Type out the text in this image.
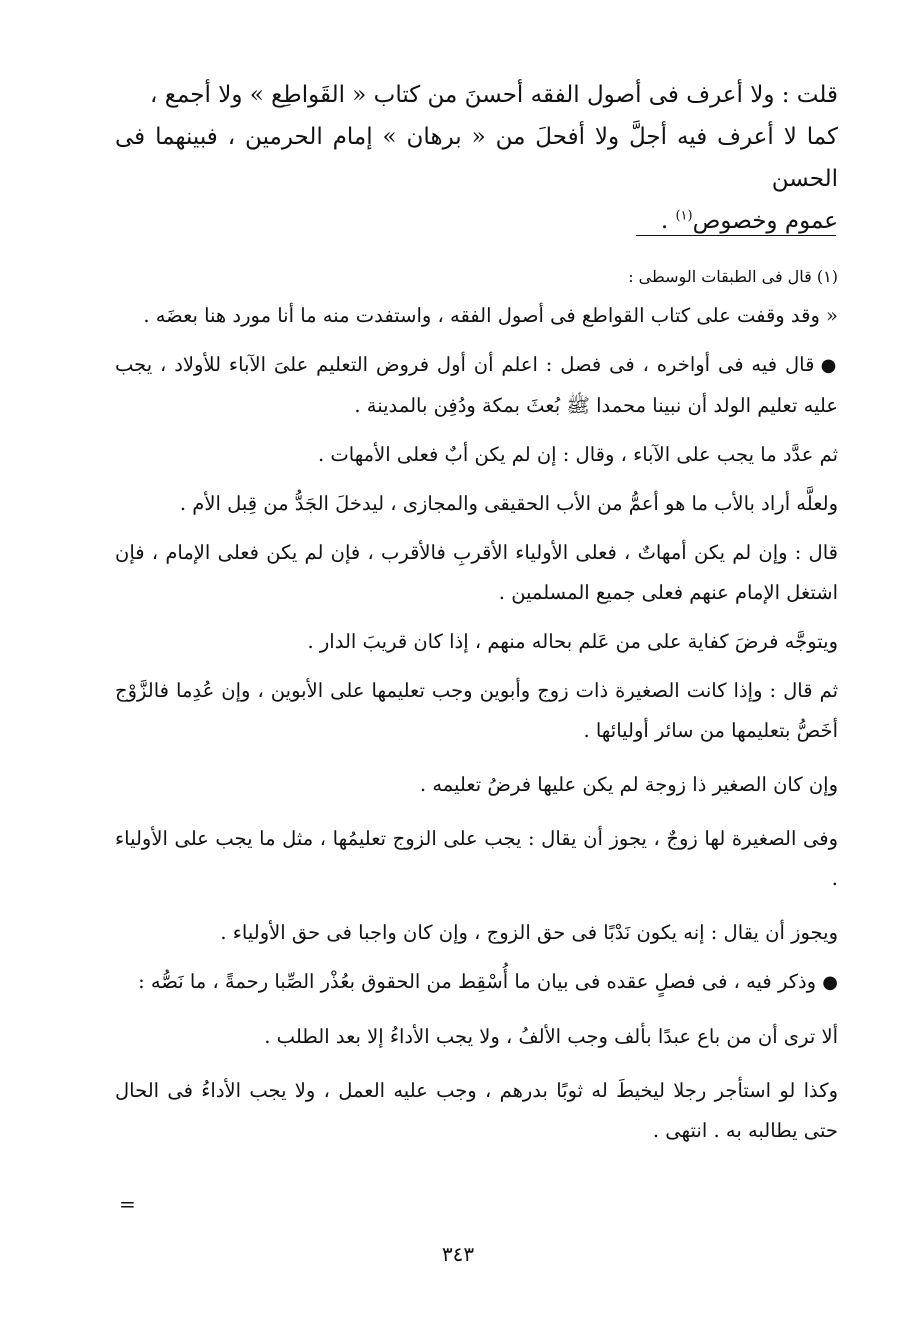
قلت : ولا أعرف فى أصول الفقه أحسنَ من كتاب « القَواطِع » ولا أجمع ،

كما لا أعرف فيه أجلَّ ولا أفحلَ من « برهان » إمام الحرمين ، فبينهما فى الحسن

عموم وخصوص$^{(١)}$ .

(١) قال فى الطبقات الوسطى :

« وقد وقفت على كتاب القواطع فى أصول الفقه ، واستفدت منه ما أنا مورد هنا بعضَه .

● قال فيه فى أواخره ، فى فصل : اعلم أن أول فروض التعليم علىَ الآباء للأولاد ، يجب عليه تعليم الولد أن نبينا محمدا ﷺ بُعثَ بمكة ودُفِن بالمدينة .

ثم عدَّد ما يجب على الآباء ، وقال : إن لم يكن أبٌ فعلى الأمهات .

ولعلَّه أراد بالأب ما هو أعمُّ من الأب الحقيقى والمجازى ، ليدخلَ الجَدُّ من قِبل الأم .

قال : وإن لم يكن أمهاتٌ ، فعلى الأولياء الأقربِ فالأقرب ، فإن لم يكن فعلى الإمام ، فإن اشتغل الإمام عنهم فعلى جميع المسلمين .

ويتوجَّه فرضَ كفاية على من عَلم بحاله منهم ، إذا كان قريبَ الدار .

ثم قال : وإذا كانت الصغيرة ذات زوج وأبوين وجب تعليمها على الأبوين ، وإن عُدِما فالزَّوْج أخَصُّ بتعليمها من سائر أوليائها .

وإن كان الصغير ذا زوجة لم يكن عليها فرضُ تعليمه .

وفى الصغيرة لها زوجٌ ، يجوز أن يقال : يجب على الزوج تعليمُها ، مثل ما يجب على الأولياء .

ويجوز أن يقال : إنه يكون نَدْبًا فى حق الزوج ، وإن كان واجبا فى حق الأولياء .

● وذكر فيه ، فى فصلٍ عقده فى بيان ما أُسْقِط من الحقوق بعُذْر الصِّبا رحمةً ، ما نَصُّه :

ألا ترى أن من باع عبدًا بألف وجب الألفُ ، ولا يجب الأداءُ إلا بعد الطلب .

وكذا لو استأجر رجلا ليخيطَ له ثوبًا بدرهم ، وجب عليه العمل ، ولا يجب الأداءُ فى الحال حتى يطالبه به . انتهى .

=
٣٤٣
